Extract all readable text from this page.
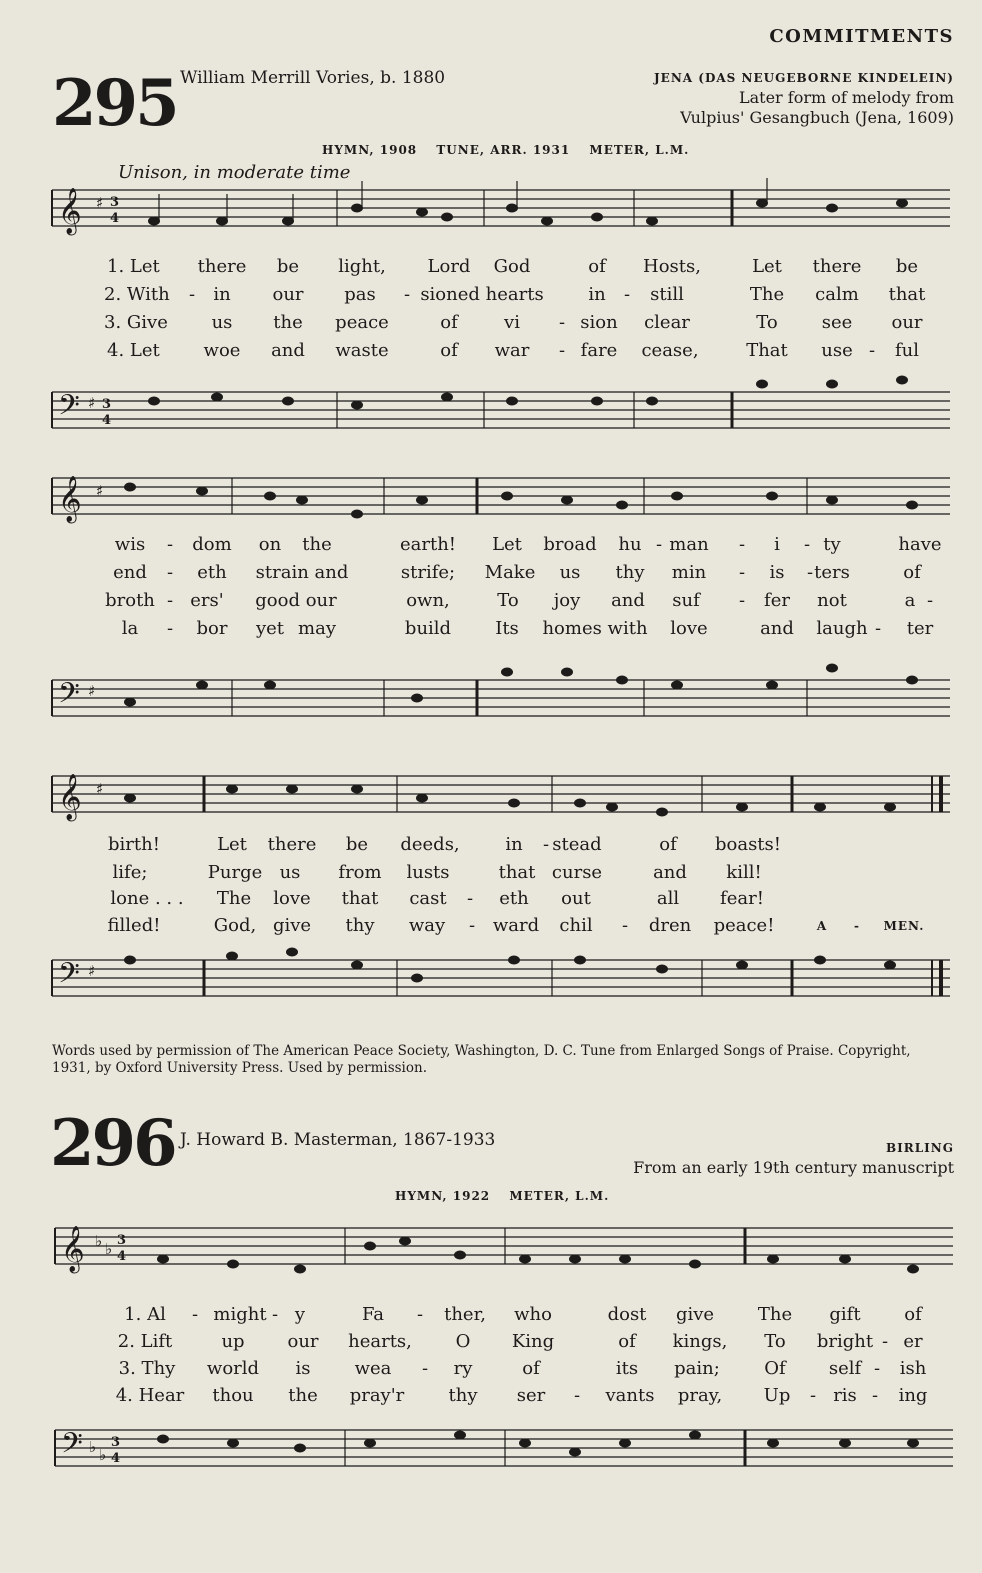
COMMITMENTS
295 William Merrill Vories, b. 1880	JENA (DAS NEUGEBORNE KINDELEIN)
Later form of melody from
Vulpius' Gesangbuch (Jena, 1609)
HYMN, 1908 TUNE, ARR. 1931 METER, L.M.
Unison, in moderate time
𝄞 ♯ 3
4
𝄢 ♯ 3
4
1. Let there be light, Lord God	of Hosts,	Let there be
2. With - in our pas - sioned hearts in - still	The calm that
3. Give us the peace	of	vi - sion clear	To see our
4. Let woe and waste	of war - fare cease,	That use - ful
𝄞 ♯
𝄢 ♯
wis - dom on the	earth! Let broad hu - man - i - ty	have
end - eth strain and	strife; Make us thy min - is - ters	of
broth - ers' good our	own,	To joy and suf - fer not	a -
la - bor yet may	build Its homes with love	and laugh - ter
𝄞 ♯
𝄢 ♯
birth!	Let there be deeds,	in - stead	of boasts!
life;	Purge us from lusts	that curse	and kill!
lone . . . The love that cast - eth out	all fear!
filled!	God, give thy way - ward chil - dren peace!	A - MEN.
Words used by permission of The American Peace Society, Washington, D. C. Tune from Enlarged Songs of Praise. Copyright,
1931, by Oxford University Press. Used by permission.
296 J. Howard B. Masterman, 1867-1933	BIRLING
From an early 19th century manuscript
HYMN, 1922 METER, L.M.
𝄞 ♭ ♭ 3
4
1. Al - might - y	Fa - ther, who	dost give The gift of
2. Lift	up our hearts, O King	of kings, To bright - er
3. Thy world is wea - ry	of	its pain; Of self - ish
4. Hear thou the pray'r thy ser - vants pray, Up - ris - ing
𝄢 ♭ ♭
3
4
